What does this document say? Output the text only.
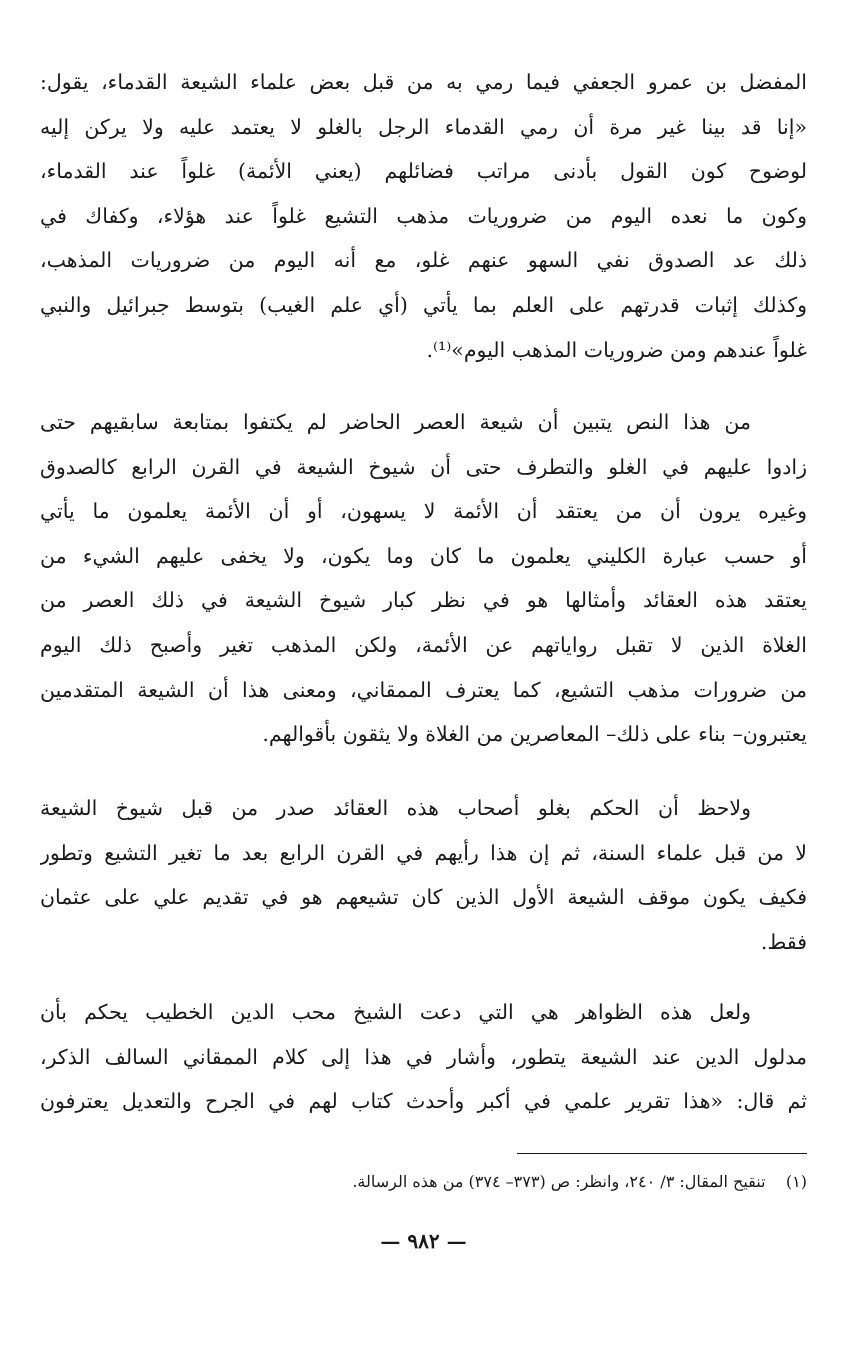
المفضل بن عمرو الجعفي فيما رمي به من قبل بعض علماء الشيعة القدماء، يقول:
«إنا قد بينا غير مرة أن رمي القدماء الرجل بالغلو لا يعتمد عليه ولا يركن إليه
لوضوح كون القول بأدنى مراتب فضائلهم (يعني الأئمة) غلواً عند القدماء،
وكون ما نعده اليوم من ضروريات مذهب التشيع غلواً عند هؤلاء، وكفاك في
ذلك عد الصدوق نفي السهو عنهم غلو، مع أنه اليوم من ضروريات المذهب،
وكذلك إثبات قدرتهم على العلم بما يأتي (أي علم الغيب) بتوسط جبرائيل والنبي
غلواً عندهم ومن ضروريات المذهب اليوم»⁽¹⁾.
من هذا النص يتبين أن شيعة العصر الحاضر لم يكتفوا بمتابعة سابقيهم حتى
زادوا عليهم في الغلو والتطرف حتى أن شيوخ الشيعة في القرن الرابع كالصدوق
وغيره يرون أن من يعتقد أن الأئمة لا يسهون، أو أن الأئمة يعلمون ما يأتي
أو حسب عبارة الكليني يعلمون ما كان وما يكون، ولا يخفى عليهم الشيء من
يعتقد هذه العقائد وأمثالها هو في نظر كبار شيوخ الشيعة في ذلك العصر من
الغلاة الذين لا تقبل رواياتهم عن الأئمة، ولكن المذهب تغير وأصبح ذلك اليوم
من ضرورات مذهب التشيع، كما يعترف الممقاني، ومعنى هذا أن الشيعة المتقدمين
يعتبرون– بناء على ذلك– المعاصرين من الغلاة ولا يثقون بأقوالهم.
ولاحظ أن الحكم بغلو أصحاب هذه العقائد صدر من قبل شيوخ الشيعة
لا من قبل علماء السنة، ثم إن هذا رأيهم في القرن الرابع بعد ما تغير التشيع وتطور
فكيف يكون موقف الشيعة الأول الذين كان تشيعهم هو في تقديم علي على عثمان
فقط.
ولعل هذه الظواهر هي التي دعت الشيخ محب الدين الخطيب يحكم بأن
مدلول الدين عند الشيعة يتطور، وأشار في هذا إلى كلام الممقاني السالف الذكر،
ثم قال: «هذا تقرير علمي في أكبر وأحدث كتاب لهم في الجرح والتعديل يعترفون
(١)    تنقيح المقال: ٣/ ٢٤٠، وانظر: ص (٣٧٣– ٣٧٤) من هذه الرسالة.
— ٩٨٢ —
